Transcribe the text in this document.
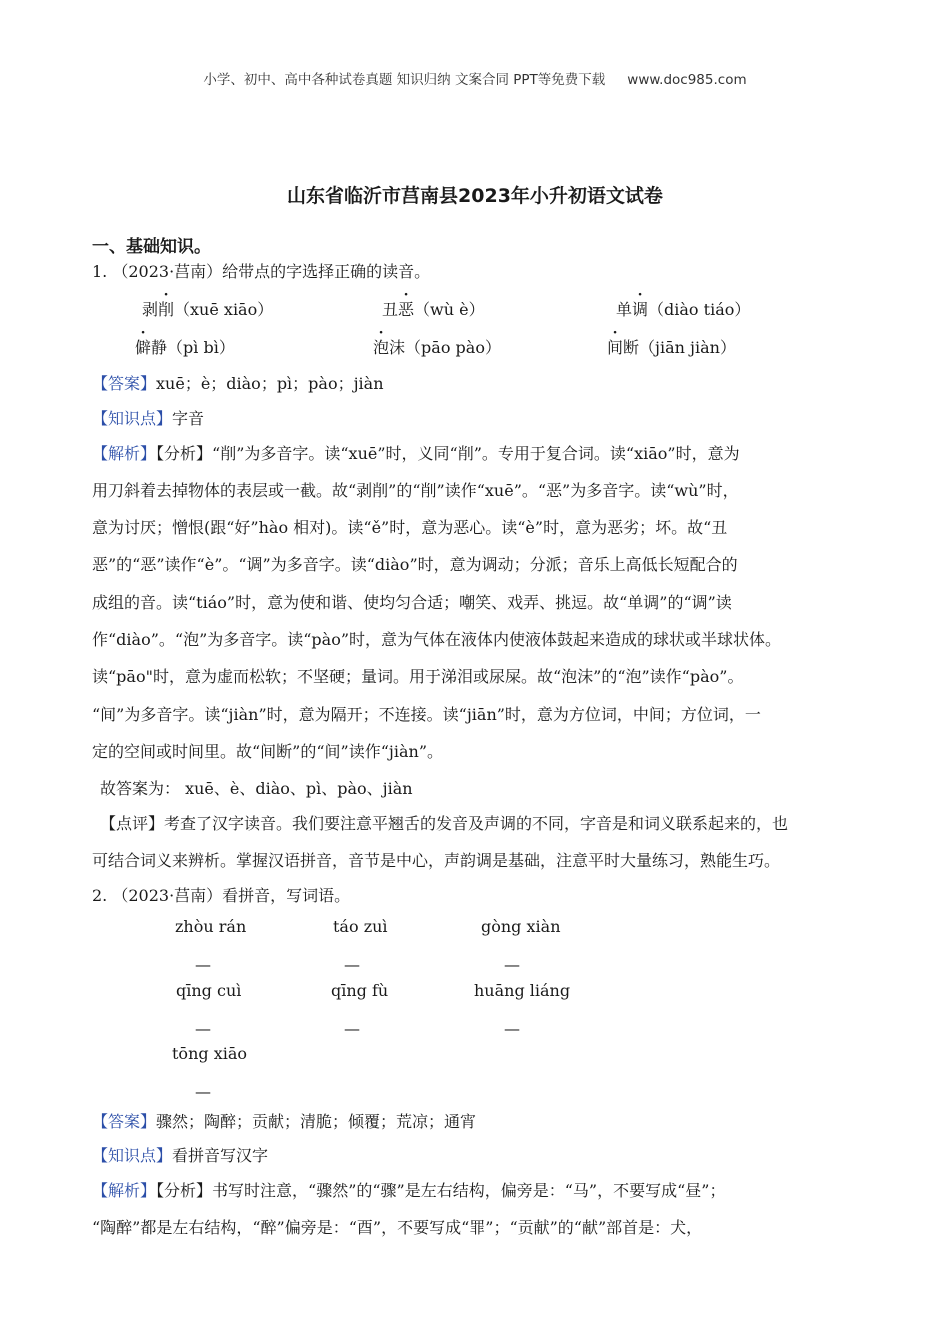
小学、初中、高中各种试卷真题 知识归纳 文案合同 PPT等免费下载 www.doc985.com
山东省临沂市莒南县2023年小升初语文试卷
一、基础知识。
1. （2023·莒南）给带点的字选择正确的读音。
剥削（xuē xiāo）	丑恶（wù è）	单调（diào tiáo）
僻静（pì bì）	泡沫（pāo pào）	间断（jiān jiàn）
【答案】xuē；è；diào；pì；pào；jiàn
【知识点】字音
【解析】【分析】“削”为多音字。读“xuē”时，义同“削”。专用于复合词。读“xiāo”时，意为
用刀斜着去掉物体的表层或一截。故“剥削”的“削”读作“xuē”。“恶”为多音字。读“wù”时，
意为讨厌；憎恨(跟“好”hào 相对)。读“ě”时，意为恶心。读“è”时，意为恶劣；坏。故“丑
恶”的“恶”读作“è”。“调”为多音字。读“diào”时，意为调动；分派；音乐上高低长短配合的
成组的音。读“tiáo”时，意为使和谐、使均匀合适；嘲笑、戏弄、挑逗。故“单调”的“调”读
作“diào”。“泡”为多音字。读“pào”时，意为气体在液体内使液体鼓起来造成的球状或半球状体。
读“pāo"时，意为虚而松软；不坚硬；量词。用于涕泪或尿屎。故“泡沫”的“泡”读作“pào”。
“间”为多音字。读“jiàn”时，意为隔开；不连接。读“jiān”时，意为方位词，中间；方位词，一
定的空间或时间里。故“间断”的“间”读作“jiàn”。
故答案为： xuē、è、diào、pì、pào、jiàn
【点评】考查了汉字读音。我们要注意平翘舌的发音及声调的不同，字音是和词义联系起来的，也
可结合词义来辨析。掌握汉语拼音，音节是中心，声韵调是基础，注意平时大量练习，熟能生巧。
2. （2023·莒南）看拼音，写词语。
zhòu rán	táo zuì	gòng xiàn
—	—	—
qīng cuì	qīng fù	huāng liáng
—	—	—
tōng xiāo
—
【答案】骤然；陶醉；贡献；清脆；倾覆；荒凉；通宵
【知识点】看拼音写汉字
【解析】【分析】书写时注意，“骤然”的“骤”是左右结构，偏旁是：“马”，不要写成“昼”；
“陶醉”都是左右结构，“醉”偏旁是：“酉”，不要写成“罪”；“贡献”的“献”部首是：犬，
